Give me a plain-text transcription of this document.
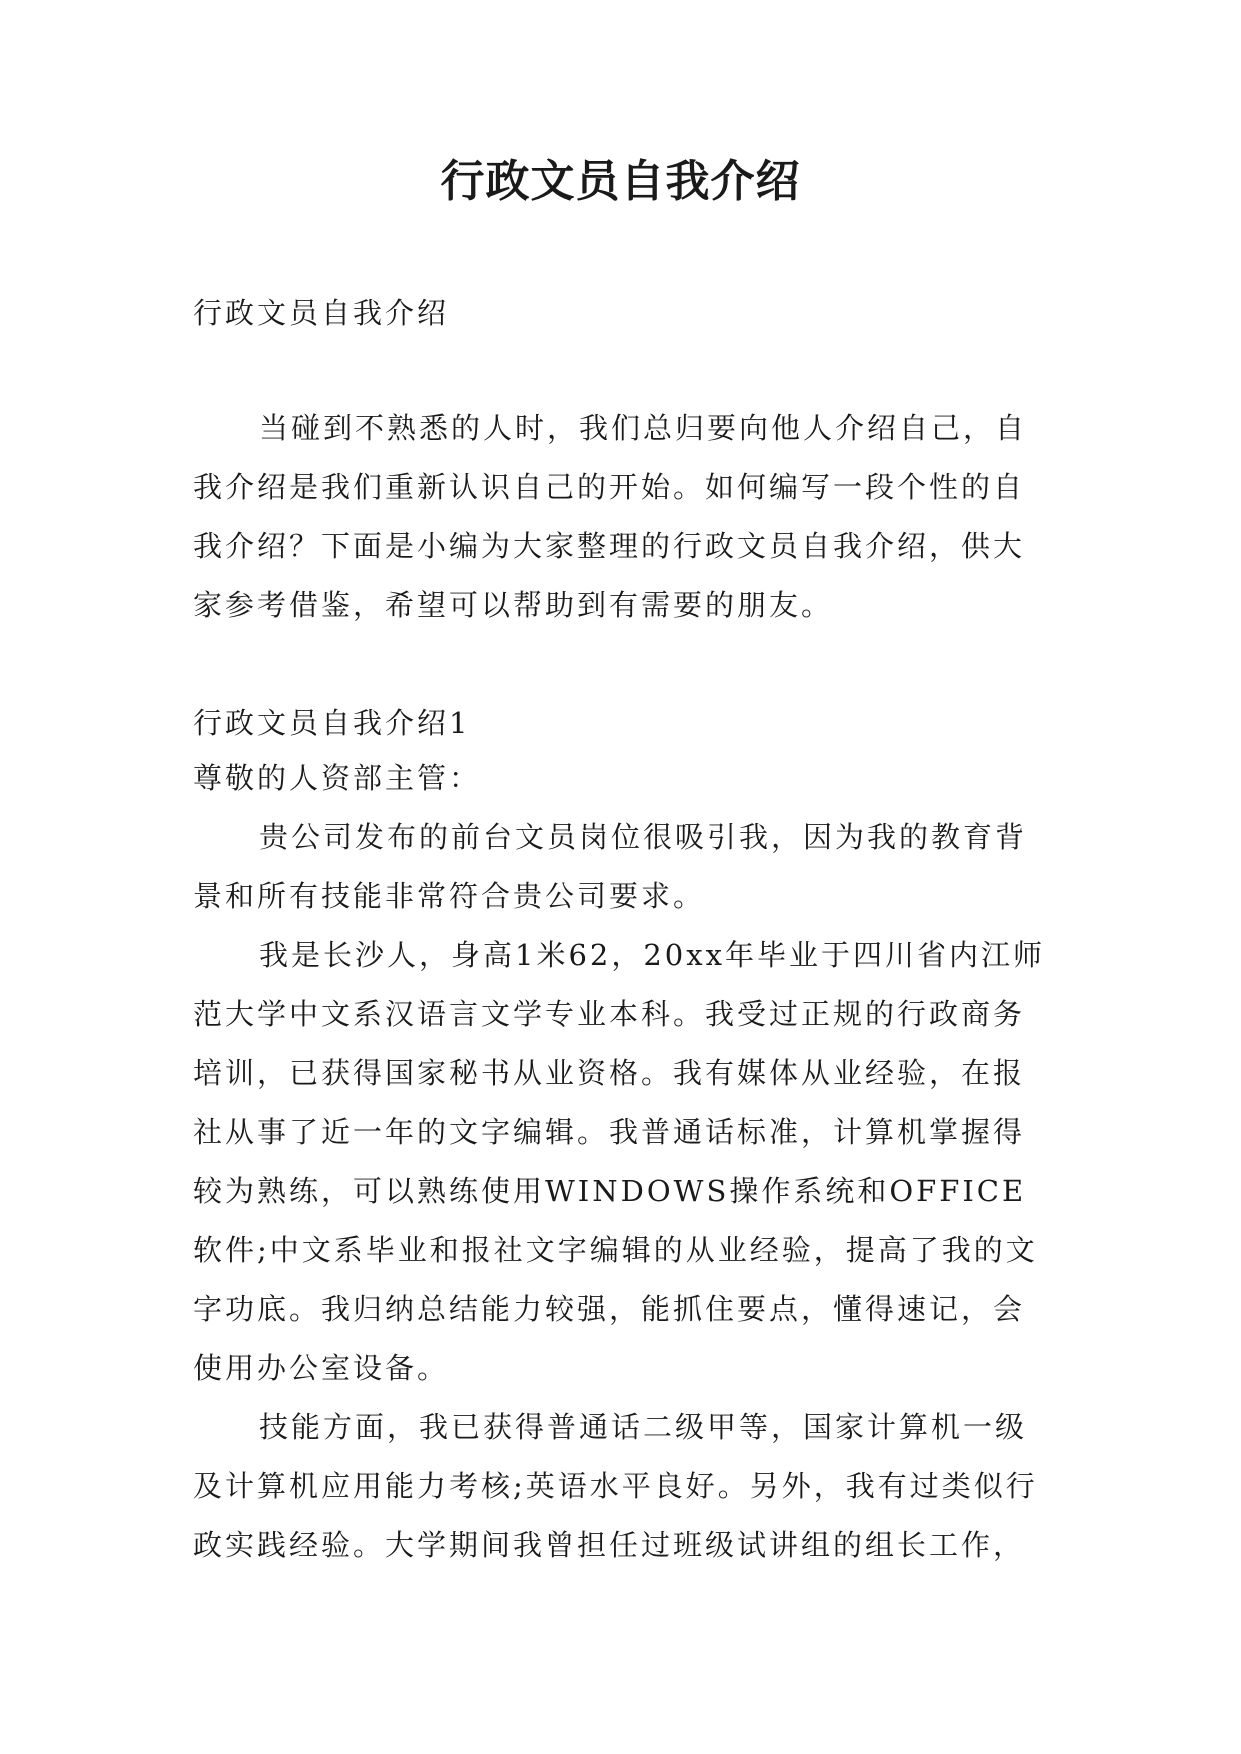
行政文员自我介绍
行政文员自我介绍
当碰到不熟悉的人时，我们总归要向他人介绍自己，自我介绍是我们重新认识自己的开始。如何编写一段个性的自我介绍？下面是小编为大家整理的行政文员自我介绍，供大家参考借鉴，希望可以帮助到有需要的朋友。
行政文员自我介绍1
尊敬的人资部主管：
贵公司发布的前台文员岗位很吸引我，因为我的教育背景和所有技能非常符合贵公司要求。
我是长沙人，身高1米62，20xx年毕业于四川省内江师范大学中文系汉语言文学专业本科。我受过正规的行政商务培训，已获得国家秘书从业资格。我有媒体从业经验，在报社从事了近一年的文字编辑。我普通话标准，计算机掌握得较为熟练，可以熟练使用WINDOWS操作系统和OFFICE软件;中文系毕业和报社文字编辑的从业经验，提高了我的文字功底。我归纳总结能力较强，能抓住要点，懂得速记，会使用办公室设备。
技能方面，我已获得普通话二级甲等，国家计算机一级及计算机应用能力考核;英语水平良好。另外，我有过类似行政实践经验。大学期间我曾担任过班级试讲组的组长工作，
